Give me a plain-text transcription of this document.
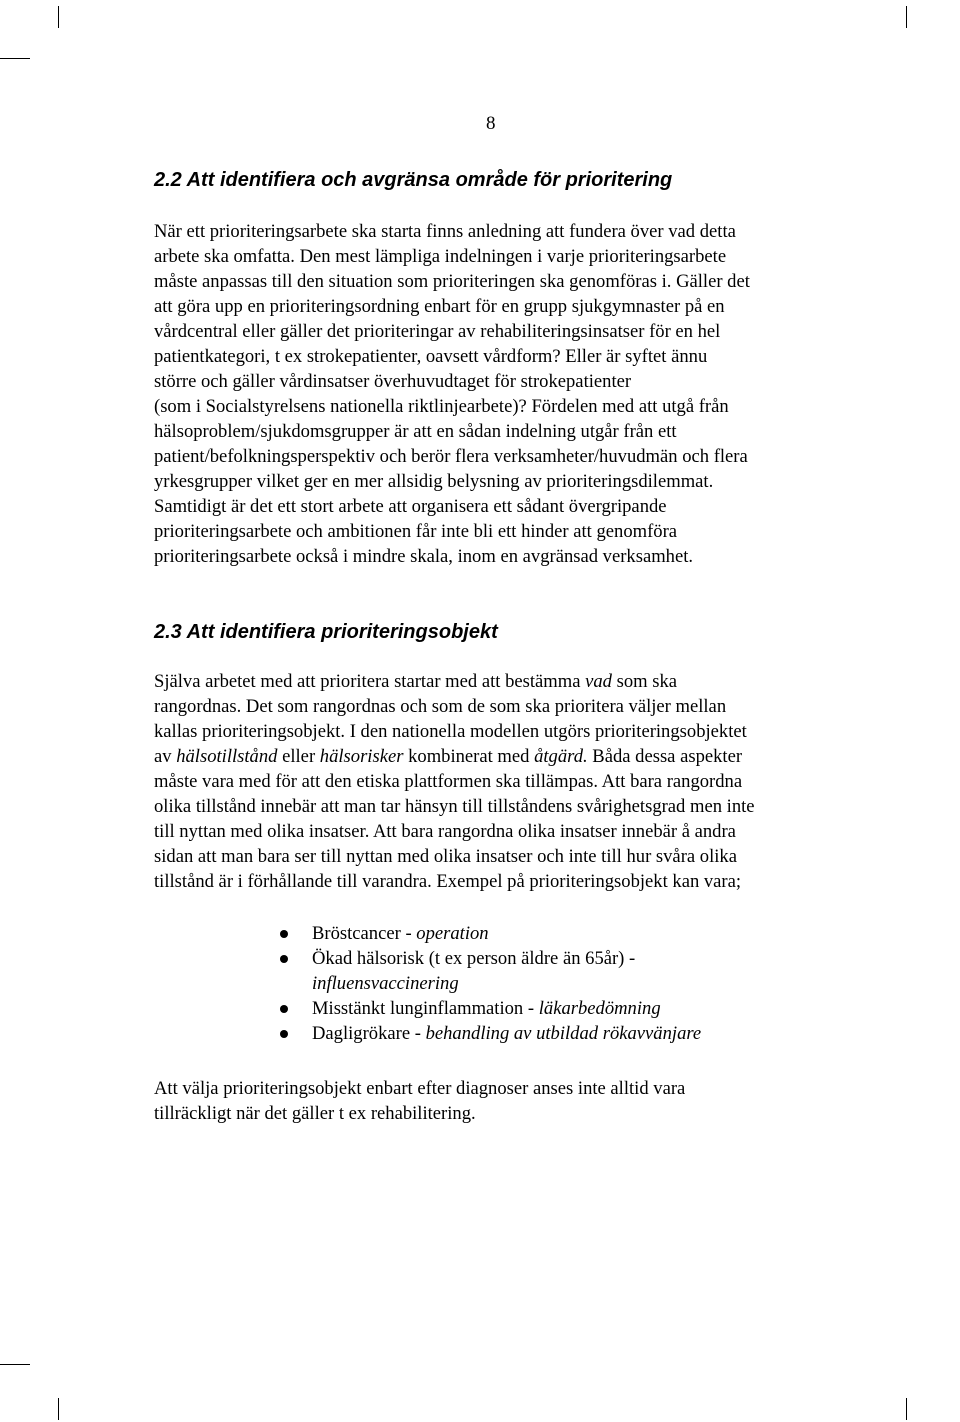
8
2.2 Att identifiera och avgränsa område för prioritering

När ett prioriteringsarbete ska starta finns anledning att fundera över vad detta
arbete ska omfatta. Den mest lämpliga indelningen i varje prioriteringsarbete
måste anpassas till den situation som prioriteringen ska genomföras i. Gäller det
att göra upp en prioriteringsordning enbart för en grupp sjukgymnaster på en
vårdcentral eller gäller det prioriteringar av rehabiliteringsinsatser för en hel
patientkategori, t ex strokepatienter, oavsett vårdform? Eller är syftet ännu
större och gäller vårdinsatser överhuvudtaget för strokepatienter
(som i Socialstyrelsens nationella riktlinjearbete)? Fördelen med att utgå från
hälsoproblem/sjukdomsgrupper är att en sådan indelning utgår från ett
patient/befolkningsperspektiv och berör flera verksamheter/huvudmän och flera
yrkesgrupper vilket ger en mer allsidig belysning av prioriteringsdilemmat.
Samtidigt är det ett stort arbete att organisera ett sådant övergripande
prioriteringsarbete och ambitionen får inte bli ett hinder att genomföra
prioriteringsarbete också i mindre skala, inom en avgränsad verksamhet.

2.3 Att identifiera prioriteringsobjekt

Själva arbetet med att prioritera startar med att bestämma vad som ska
rangordnas. Det som rangordnas och som de som ska prioritera väljer mellan
kallas prioriteringsobjekt. I den nationella modellen utgörs prioriteringsobjektet
av hälsotillstånd eller hälsorisker kombinerat med åtgärd. Båda dessa aspekter
måste vara med för att den etiska plattformen ska tillämpas. Att bara rangordna
olika tillstånd innebär att man tar hänsyn till tillståndens svårighetsgrad men inte
till nyttan med olika insatser. Att bara rangordna olika insatser innebär å andra
sidan att man bara ser till nyttan med olika insatser och inte till hur svåra olika
tillstånd är i förhållande till varandra. Exempel på prioriteringsobjekt kan vara;

Bröstcancer - operation
Ökad hälsorisk (t ex person äldre än 65år) -
influensvaccinering
Misstänkt lunginflammation - läkarbedömning
Dagligrökare - behandling av utbildad rökavvänjare

Att välja prioriteringsobjekt enbart efter diagnoser anses inte alltid vara
tillräckligt när det gäller t ex rehabilitering.
